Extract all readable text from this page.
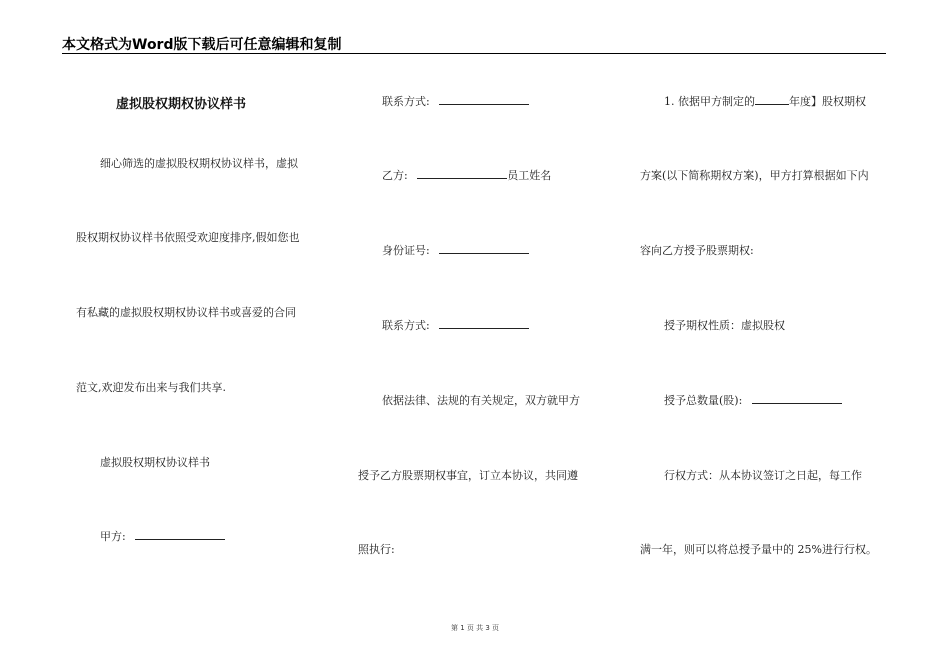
本文格式为Word版下载后可任意编辑和复制
虚拟股权期权协议样书
细心筛选的虚拟股权期权协议样书，虚拟
股权期权协议样书依照受欢迎度排序,假如您也
有私藏的虚拟股权期权协议样书或喜爱的合同
范文,欢迎发布出来与我们共享.
虚拟股权期权协议样书
甲方:
联系方式:
乙方:	员工姓名
身份证号:
联系方式:
依据法律、法规的有关规定，双方就甲方
授予乙方股票期权事宜，订立本协议，共同遵
照执行:
1. 依据甲方制定的	年度】股权期权
方案(以下简称期权方案)，甲方打算根据如下内
容向乙方授予股票期权:
授予期权性质：虚拟股权
授予总数量(股):
行权方式：从本协议签订之日起，每工作
满一年，则可以将总授予量中的 25%进行行权。
第 1 页 共 3 页
